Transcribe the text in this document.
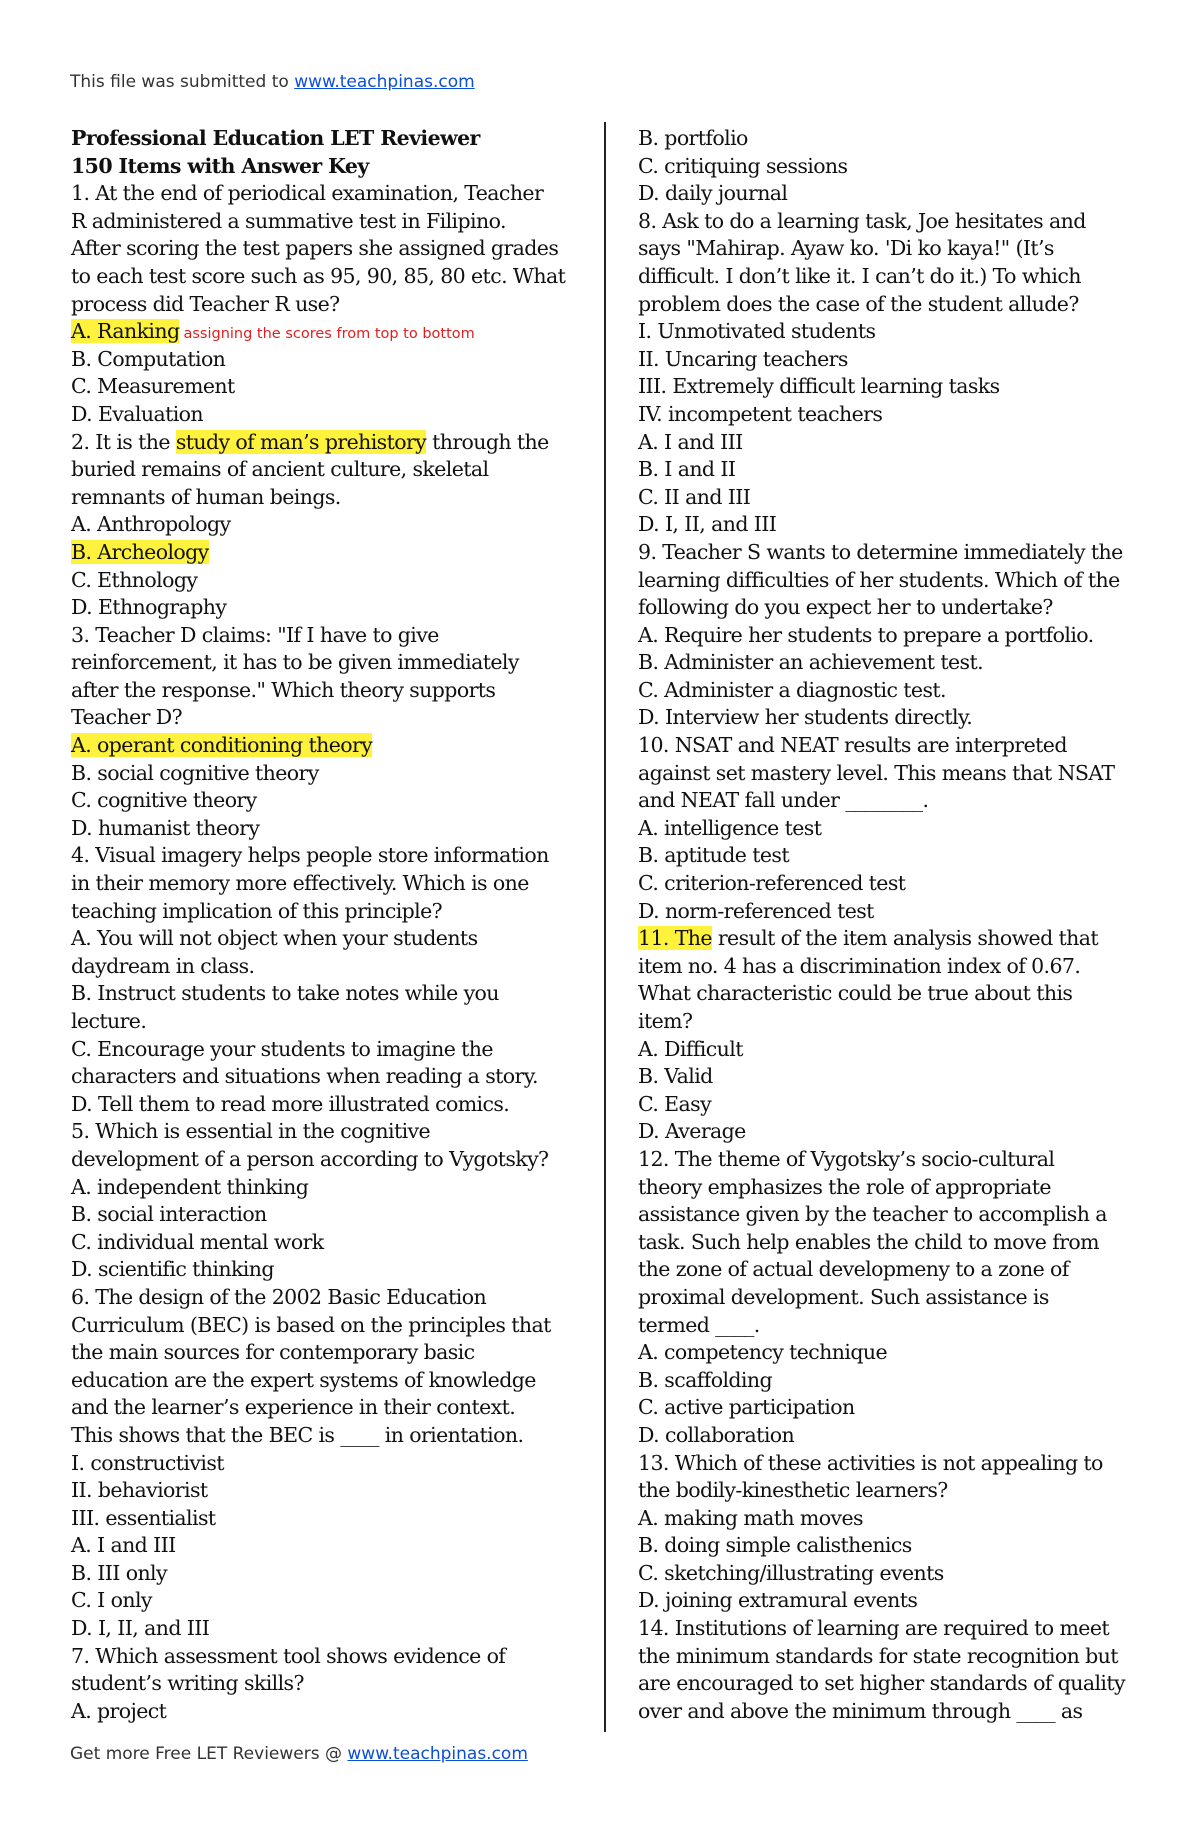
This file was submitted to www.teachpinas.com
Professional Education LET Reviewer
150 Items with Answer Key
1. At the end of periodical examination, Teacher
R administered a summative test in Filipino.
After scoring the test papers she assigned grades
to each test score such as 95, 90, 85, 80 etc. What
process did Teacher R use?
A. Ranking assigning the scores from top to bottom
B. Computation
C. Measurement
D. Evaluation
2. It is the study of man’s prehistory through the
buried remains of ancient culture, skeletal
remnants of human beings.
A. Anthropology
B. Archeology
C. Ethnology
D. Ethnography
3. Teacher D claims: "If I have to give
reinforcement, it has to be given immediately
after the response." Which theory supports
Teacher D?
A. operant conditioning theory
B. social cognitive theory
C. cognitive theory
D. humanist theory
4. Visual imagery helps people store information
in their memory more effectively. Which is one
teaching implication of this principle?
A. You will not object when your students
daydream in class.
B. Instruct students to take notes while you
lecture.
C. Encourage your students to imagine the
characters and situations when reading a story.
D. Tell them to read more illustrated comics.
5. Which is essential in the cognitive
development of a person according to Vygotsky?
A. independent thinking
B. social interaction
C. individual mental work
D. scientific thinking
6. The design of the 2002 Basic Education
Curriculum (BEC) is based on the principles that
the main sources for contemporary basic
education are the expert systems of knowledge
and the learner’s experience in their context.
This shows that the BEC is ____ in orientation.
I. constructivist
II. behaviorist
III. essentialist
A. I and III
B. III only
C. I only
D. I, II, and III
7. Which assessment tool shows evidence of
student’s writing skills?
A. project
B. portfolio
C. critiquing sessions
D. daily journal
8. Ask to do a learning task, Joe hesitates and
says "Mahirap. Ayaw ko. 'Di ko kaya!" (It’s
difficult. I don’t like it. I can’t do it.) To which
problem does the case of the student allude?
I. Unmotivated students
II. Uncaring teachers
III. Extremely difficult learning tasks
IV. incompetent teachers
A. I and III
B. I and II
C. II and III
D. I, II, and III
9. Teacher S wants to determine immediately the
learning difficulties of her students. Which of the
following do you expect her to undertake?
A. Require her students to prepare a portfolio.
B. Administer an achievement test.
C. Administer a diagnostic test.
D. Interview her students directly.
10. NSAT and NEAT results are interpreted
against set mastery level. This means that NSAT
and NEAT fall under ________.
A. intelligence test
B. aptitude test
C. criterion-referenced test
D. norm-referenced test
11. The result of the item analysis showed that
item no. 4 has a discrimination index of 0.67.
What characteristic could be true about this
item?
A. Difficult
B. Valid
C. Easy
D. Average
12. The theme of Vygotsky’s socio-cultural
theory emphasizes the role of appropriate
assistance given by the teacher to accomplish a
task. Such help enables the child to move from
the zone of actual developmeny to a zone of
proximal development. Such assistance is
termed ____.
A. competency technique
B. scaffolding
C. active participation
D. collaboration
13. Which of these activities is not appealing to
the bodily-kinesthetic learners?
A. making math moves
B. doing simple calisthenics
C. sketching/illustrating events
D. joining extramural events
14. Institutions of learning are required to meet
the minimum standards for state recognition but
are encouraged to set higher standards of quality
over and above the minimum through ____ as
Get more Free LET Reviewers @ www.teachpinas.com
